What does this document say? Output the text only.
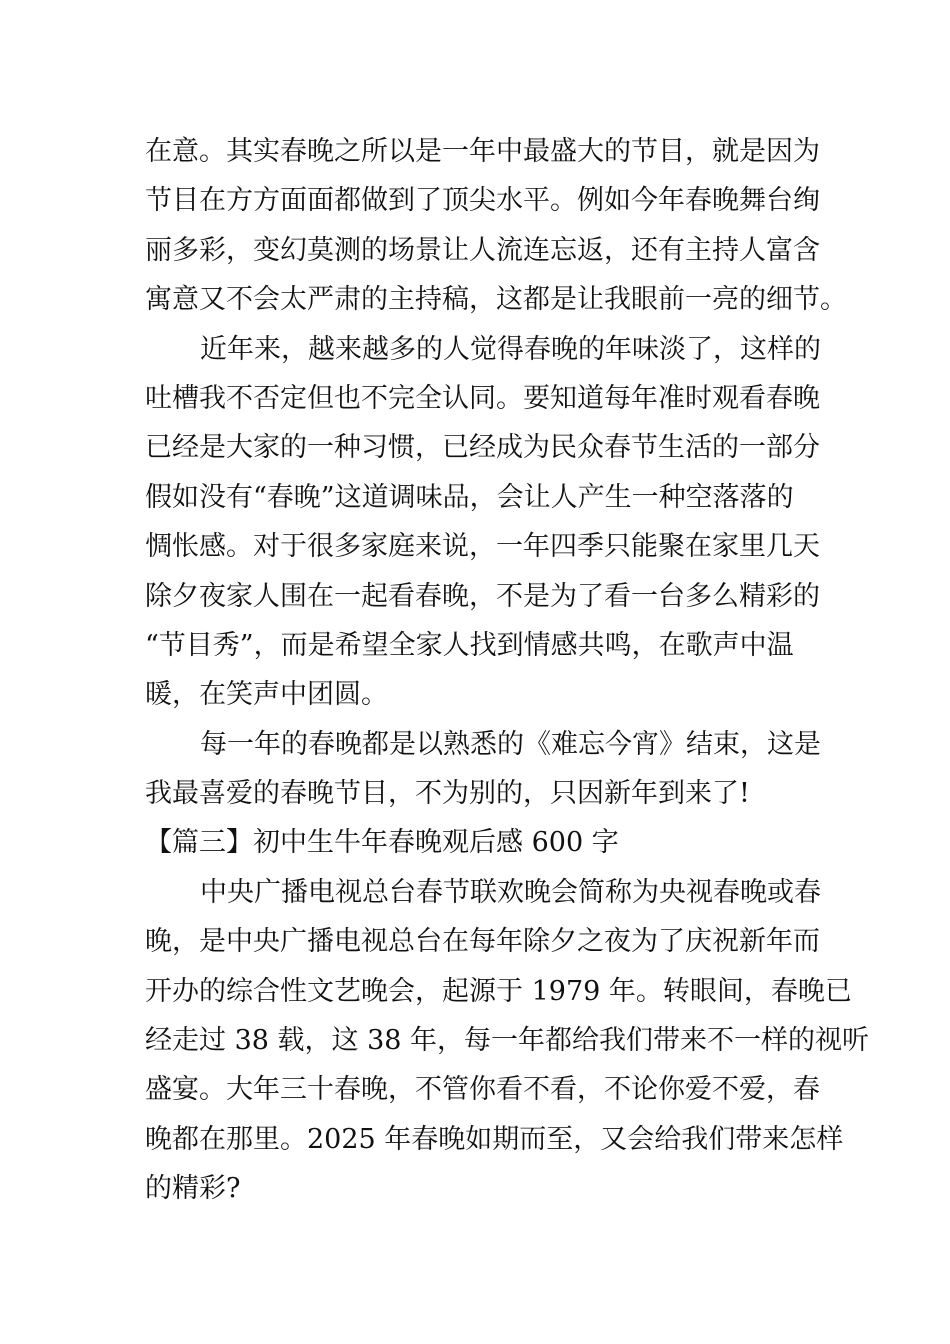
在意。其实春晚之所以是一年中最盛大的节目，就是因为
节目在方方面面都做到了顶尖水平。例如今年春晚舞台绚
丽多彩，变幻莫测的场景让人流连忘返，还有主持人富含
寓意又不会太严肃的主持稿，这都是让我眼前一亮的细节。
近年来，越来越多的人觉得春晚的年味淡了，这样的
吐槽我不否定但也不完全认同。要知道每年准时观看春晚
已经是大家的一种习惯，已经成为民众春节生活的一部分
假如没有“春晚”这道调味品，会让人产生一种空落落的
惆怅感。对于很多家庭来说，一年四季只能聚在家里几天
除夕夜家人围在一起看春晚，不是为了看一台多么精彩的
“节目秀”，而是希望全家人找到情感共鸣，在歌声中温
暖，在笑声中团圆。
每一年的春晚都是以熟悉的《难忘今宵》结束，这是
我最喜爱的春晚节目，不为别的，只因新年到来了!
【篇三】初中生牛年春晚观后感 600 字
中央广播电视总台春节联欢晚会简称为央视春晚或春
晚，是中央广播电视总台在每年除夕之夜为了庆祝新年而
开办的综合性文艺晚会，起源于 1979 年。转眼间，春晚已
经走过 38 载，这 38 年，每一年都给我们带来不一样的视听
盛宴。大年三十春晚，不管你看不看，不论你爱不爱，春
晚都在那里。2025 年春晚如期而至，又会给我们带来怎样
的精彩?
